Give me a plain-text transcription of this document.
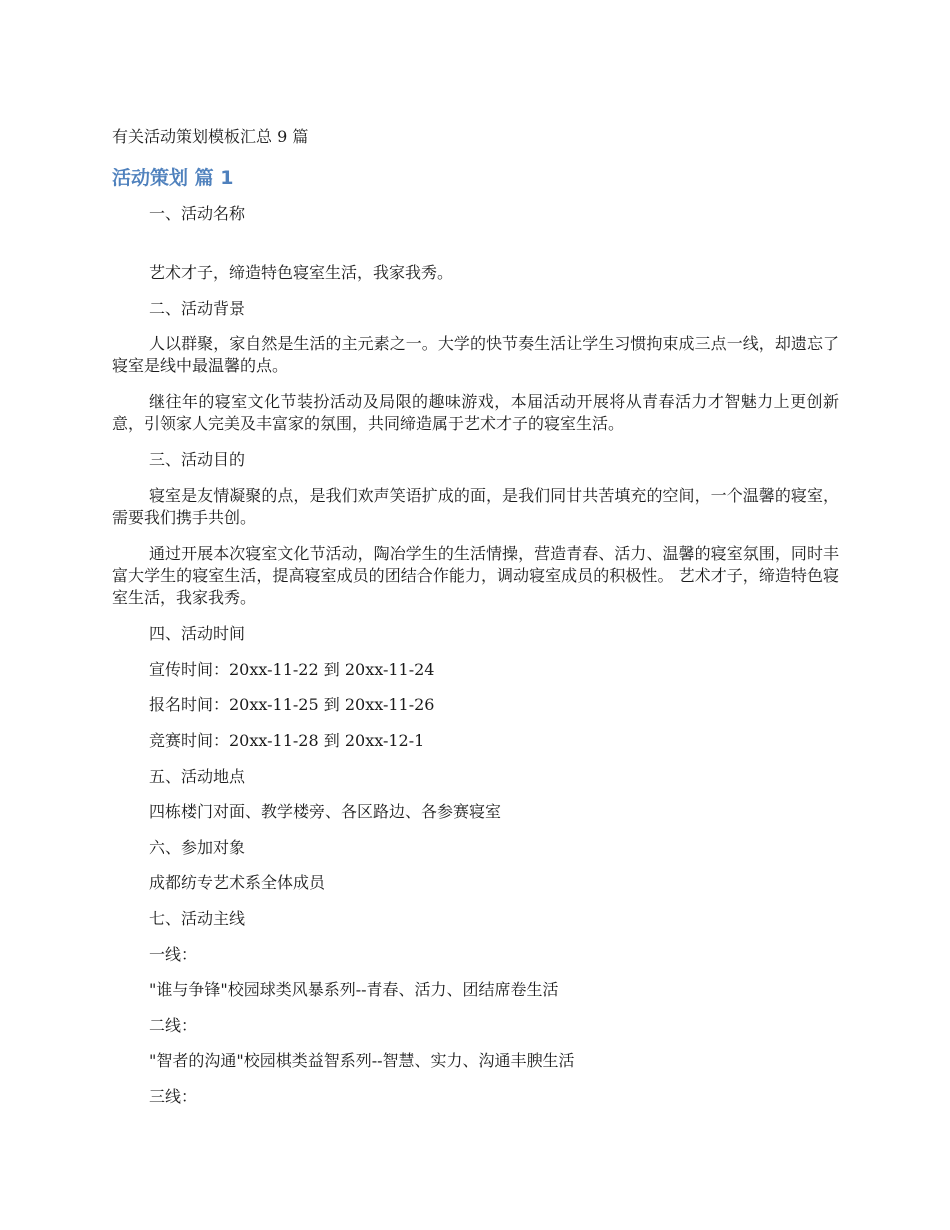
有关活动策划模板汇总 9 篇
活动策划 篇 1

一、活动名称

艺术才子，缔造特色寝室生活，我家我秀。

二、活动背景

人以群聚，家自然是生活的主元素之一。大学的快节奏生活让学生习惯拘束成三点一线，却遗忘了寝室是线中最温馨的点。

继往年的寝室文化节装扮活动及局限的趣味游戏，本届活动开展将从青春活力才智魅力上更创新意，引领家人完美及丰富家的氛围，共同缔造属于艺术才子的寝室生活。

三、活动目的

寝室是友情凝聚的点，是我们欢声笑语扩成的面，是我们同甘共苦填充的空间，一个温馨的寝室，需要我们携手共创。

通过开展本次寝室文化节活动，陶冶学生的生活情操，营造青春、活力、温馨的寝室氛围，同时丰富大学生的寝室生活，提高寝室成员的团结合作能力，调动寝室成员的积极性。 艺术才子，缔造特色寝室生活，我家我秀。

四、活动时间

宣传时间：20xx-11-22 到 20xx-11-24

报名时间：20xx-11-25 到 20xx-11-26

竞赛时间：20xx-11-28 到 20xx-12-1

五、活动地点

四栋楼门对面、教学楼旁、各区路边、各参赛寝室

六、参加对象

成都纺专艺术系全体成员

七、活动主线

一线：

"谁与争锋"校园球类风暴系列--青春、活力、团结席卷生活

二线：

"智者的沟通"校园棋类益智系列--智慧、实力、沟通丰腴生活

三线：
